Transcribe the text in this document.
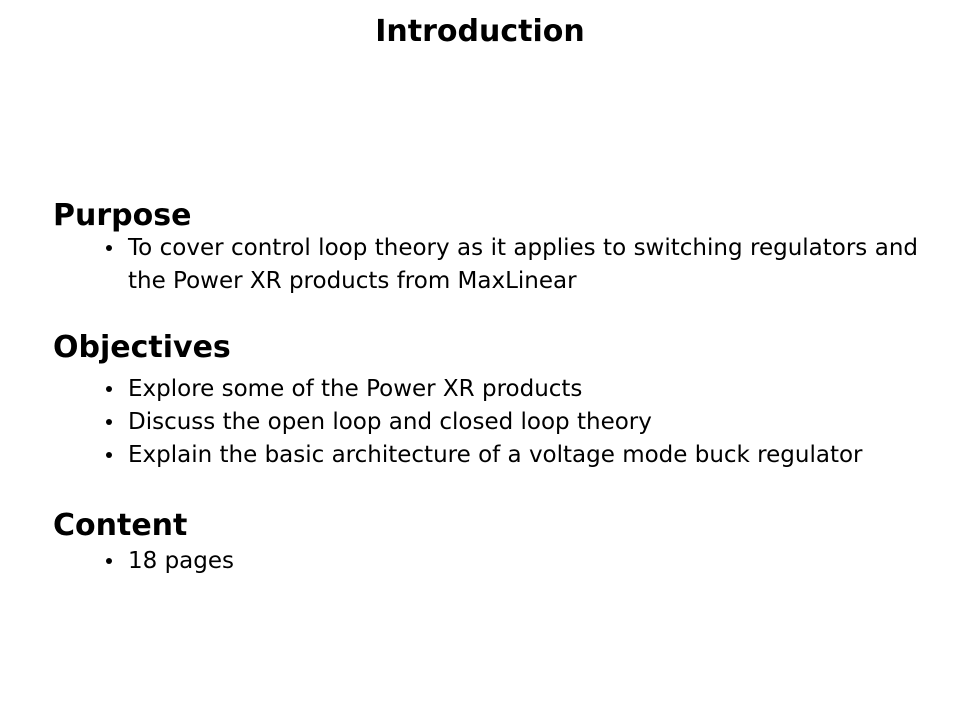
Introduction
Purpose
To cover control loop theory as it applies to switching regulators and the Power XR products from MaxLinear
Objectives
Explore some of the Power XR products
Discuss the open loop and closed loop theory
Explain the basic architecture of a voltage mode buck regulator
Content
18 pages
